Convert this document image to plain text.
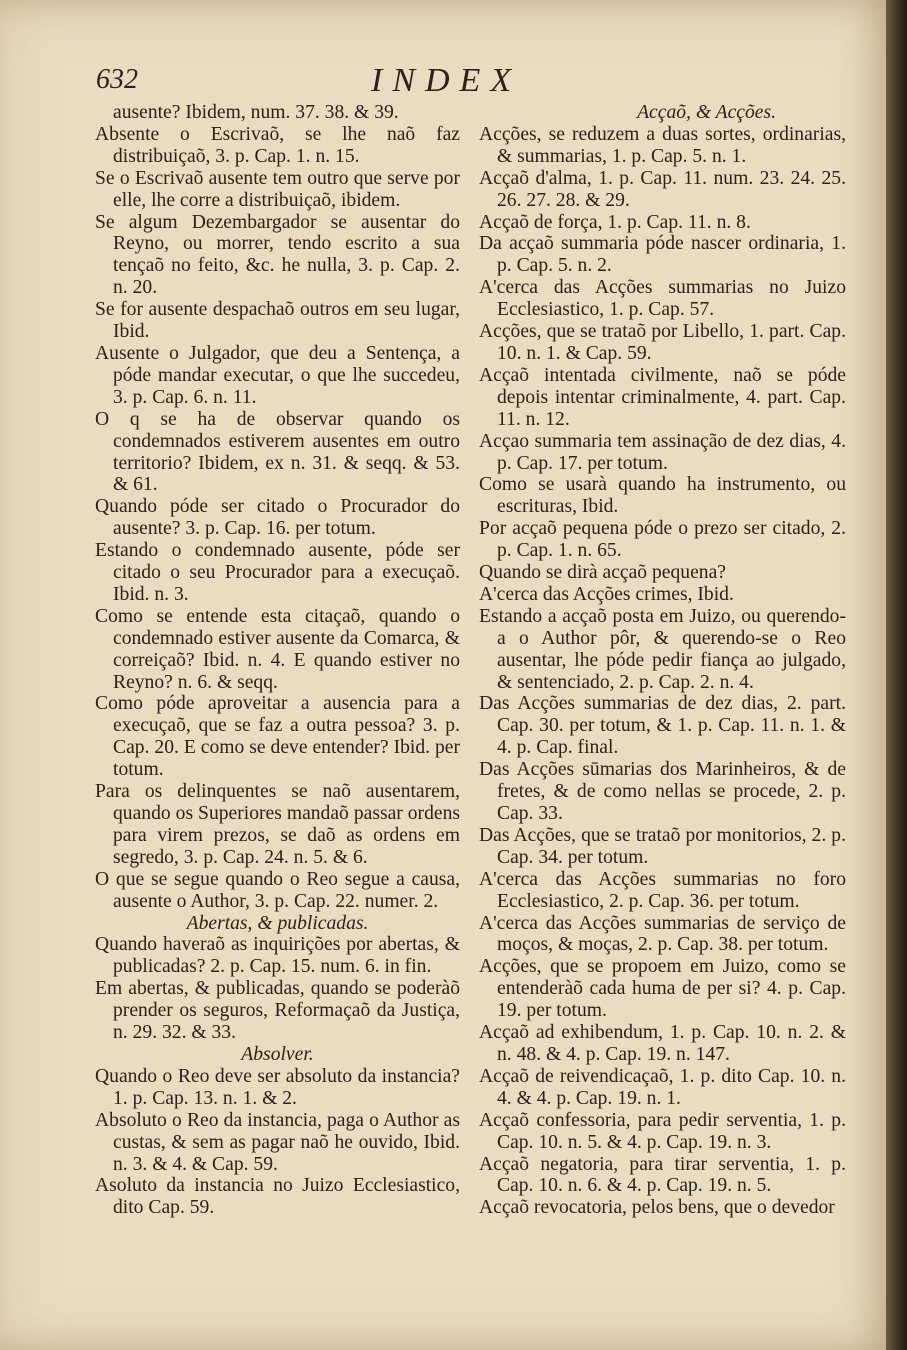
632	INDEX

ausente? Ibidem, num. 37. 38. & 39.

Absente o Escrivaõ, se lhe naõ faz distribuiçaõ, 3. p. Cap. 1. n. 15.

Se o Escrivaõ ausente tem outro que serve por elle, lhe corre a distribuiçaõ, ibidem.

Se algum Dezembargador se ausentar do Reyno, ou morrer, tendo escrito a sua tençaõ no feito, &c. he nulla, 3. p. Cap. 2. n. 20.

Se for ausente despachaõ outros em seu lugar, Ibid.

Ausente o Julgador, que deu a Sentença, a póde mandar executar, o que lhe succedeu, 3. p. Cap. 6. n. 11.

O q se ha de observar quando os condemnados estiverem ausentes em outro territorio? Ibidem, ex n. 31. & seqq. & 53. & 61.

Quando póde ser citado o Procurador do ausente? 3. p. Cap. 16. per totum.

Estando o condemnado ausente, póde ser citado o seu Procurador para a execuçaõ. Ibid. n. 3.

Como se entende esta citaçaõ, quando o condemnado estiver ausente da Comarca, & correiçaõ? Ibid. n. 4. E quando estiver no Reyno? n. 6. & seqq.

Como póde aproveitar a ausencia para a execuçaõ, que se faz a outra pessoa? 3. p. Cap. 20. E como se deve entender? Ibid. per totum.

Para os delinquentes se naõ ausentarem, quando os Superiores mandaõ passar ordens para virem prezos, se daõ as ordens em segredo, 3. p. Cap. 24. n. 5. & 6.

O que se segue quando o Reo segue a causa, ausente o Author, 3. p. Cap. 22. numer. 2.

Abertas, & publicadas.

Quando haveraõ as inquirições por abertas, & publicadas? 2. p. Cap. 15. num. 6. in fin.

Em abertas, & publicadas, quando se poderàõ prender os seguros, Reformaçaõ da Justiça, n. 29. 32. & 33.

Absolver.

Quando o Reo deve ser absoluto da instancia? 1. p. Cap. 13. n. 1. & 2.

Absoluto o Reo da instancia, paga o Author as custas, & sem as pagar naõ he ouvido, Ibid. n. 3. & 4. & Cap. 59.

Asoluto da instancia no Juizo Ecclesiastico, dito Cap. 59.

Acçaõ, & Acções.

Acções, se reduzem a duas sortes, ordinarias, & summarias, 1. p. Cap. 5. n. 1.

Acçaõ d'alma, 1. p. Cap. 11. num. 23. 24. 25. 26. 27. 28. & 29.

Acçaõ de força, 1. p. Cap. 11. n. 8.

Da acçaõ summaria póde nascer ordinaria, 1. p. Cap. 5. n. 2.

A'cerca das Acções summarias no Juizo Ecclesiastico, 1. p. Cap. 57.

Acções, que se trataõ por Libello, 1. part. Cap. 10. n. 1. & Cap. 59.

Acçaõ intentada civilmente, naõ se póde depois intentar criminalmente, 4. part. Cap. 11. n. 12.

Acçao summaria tem assinação de dez dias, 4. p. Cap. 17. per totum.

Como se usarà quando ha instrumento, ou escrituras, Ibid.

Por acçaõ pequena póde o prezo ser citado, 2. p. Cap. 1. n. 65.

Quando se dirà acçaõ pequena?

A'cerca das Acções crimes, Ibid.

Estando a acçaõ posta em Juizo, ou querendo-a o Author pôr, & querendo-se o Reo ausentar, lhe póde pedir fiança ao julgado, & sentenciado, 2. p. Cap. 2. n. 4.

Das Acções summarias de dez dias, 2. part. Cap. 30. per totum, & 1. p. Cap. 11. n. 1. & 4. p. Cap. final.

Das Acções sūmarias dos Marinheiros, & de fretes, & de como nellas se procede, 2. p. Cap. 33.

Das Acções, que se trataõ por monitorios, 2. p. Cap. 34. per totum.

A'cerca das Acções summarias no foro Ecclesiastico, 2. p. Cap. 36. per totum.

A'cerca das Acções summarias de serviço de moços, & moças, 2. p. Cap. 38. per totum.

Acções, que se propoem em Juizo, como se entenderàõ cada huma de per si? 4. p. Cap. 19. per totum.

Acçaõ ad exhibendum, 1. p. Cap. 10. n. 2. & n. 48. & 4. p. Cap. 19. n. 147.

Acçaõ de reivendicaçaõ, 1. p. dito Cap. 10. n. 4. & 4. p. Cap. 19. n. 1.

Acçaõ confessoria, para pedir serventia, 1. p. Cap. 10. n. 5. & 4. p. Cap. 19. n. 3.

Acçaõ negatoria, para tirar serventia, 1. p. Cap. 10. n. 6. & 4. p. Cap. 19. n. 5.

Acçaõ revocatoria, pelos bens, que o devedor
